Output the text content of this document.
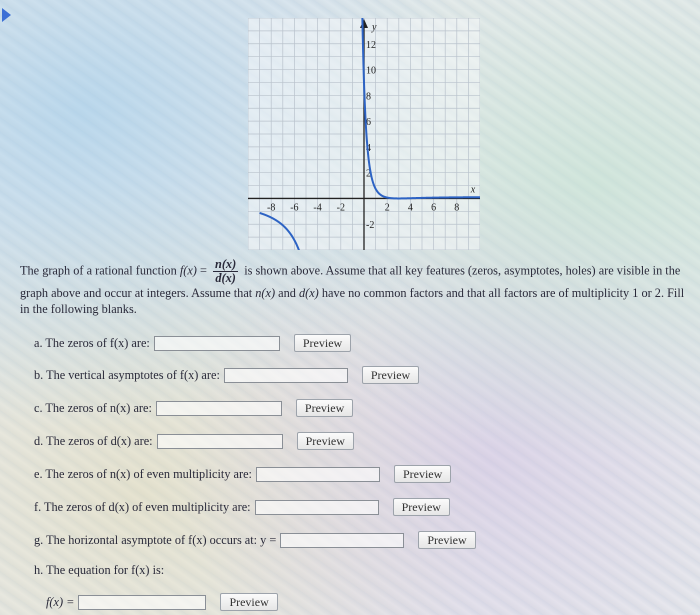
12
10
8
6
4
2
-2
-8 -6 -4 -2	2 4 6 8
x
y
The graph of a rational function $f(x) = \frac{n(x)}{d(x)}$ is shown above. Assume that all key features (zeros, asymptotes, holes) are visible in the graph above and occur at integers. Assume that n(x) and d(x) have no common factors and that all factors are of multiplicity 1 or 2. Fill in the following blanks.
a. The zeros of f(x) are:	Preview
b. The vertical asymptotes of f(x) are:	Preview
c. The zeros of n(x) are:	Preview
d. The zeros of d(x) are:	Preview
e. The zeros of n(x) of even multiplicity are:	Preview
f. The zeros of d(x) of even multiplicity are:	Preview
g. The horizontal asymptote of f(x) occurs at: y =	Preview
h. The equation for f(x) is:
f(x) =	Preview
